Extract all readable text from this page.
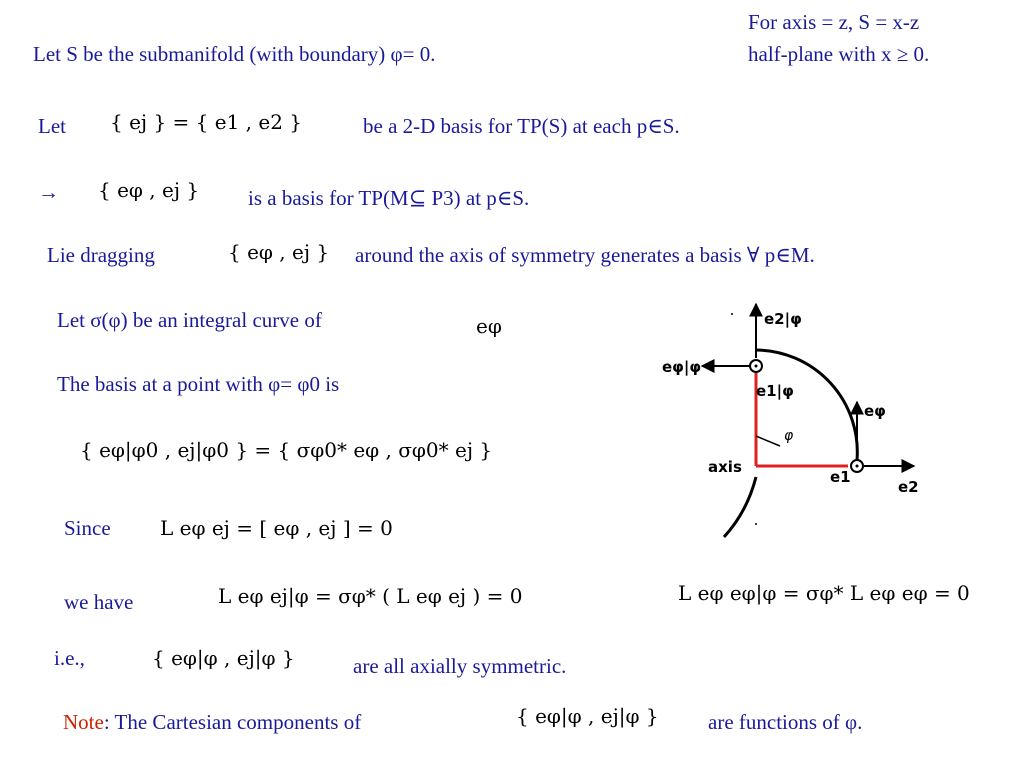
For axis = z, S = x-z
half-plane with x ≥ 0.
Let S be the submanifold (with boundary) φ= 0.
Let { ej } = { e1 , e2 }	be a 2-D basis for TP(S) at each p∈S.
→ { eφ , ej } is a basis for TP(M⊆ P3) at p∈S.
Lie dragging	{ eφ , ej } around the axis of symmetry generates a basis ∀ p∈M.
Let σ(φ) be an integral curve of	eφ
The basis at a point with φ= φ0 is
{ eφ|φ0 , ej|φ0 } = { σφ0* eφ , σφ0* ej }
Since L eφ ej = [ eφ , ej ] = 0
we have	L eφ ej|φ = σφ* ( L eφ ej ) = 0	L eφ eφ|φ = σφ* L eφ eφ = 0
i.e.,	{ eφ|φ , ej|φ }	are all axially symmetric.
Note: The Cartesian components of	{ eφ|φ , ej|φ } are functions of φ.
e2|φ
eφ|φ
e1|φ
φ
eφ
axis
e1
e2
